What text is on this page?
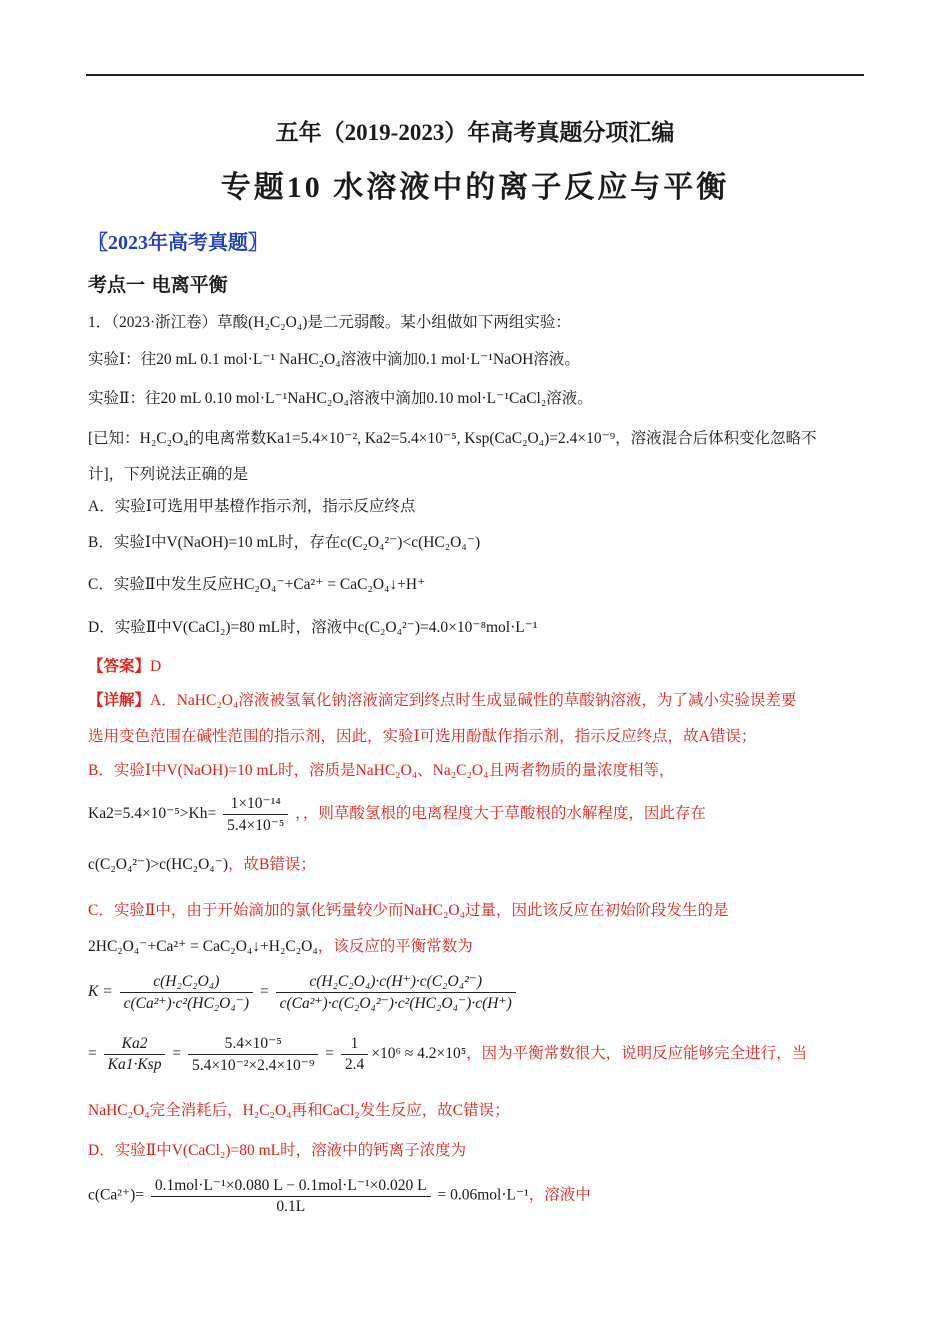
五年（2019-2023）年高考真题分项汇编
专题10 水溶液中的离子反应与平衡
〖2023年高考真题〗
考点一 电离平衡
1．（2023·浙江卷）草酸(H₂C₂O₄)是二元弱酸。某小组做如下两组实验：
实验Ⅰ：往20 mL 0.1 mol·L⁻¹ NaHC₂O₄溶液中滴加0.1 mol·L⁻¹NaOH溶液。
实验Ⅱ：往20 mL 0.10 mol·L⁻¹NaHC₂O₄溶液中滴加0.10 mol·L⁻¹CaCl₂溶液。
[已知：H₂C₂O₄的电离常数Ka1=5.4×10⁻², Ka2=5.4×10⁻⁵, Ksp(CaC₂O₄)=2.4×10⁻⁹，溶液混合后体积变化忽略不
计]，下列说法正确的是
A．实验Ⅰ可选用甲基橙作指示剂，指示反应终点
B．实验Ⅰ中V(NaOH)=10 mL时，存在c(C₂O₄²⁻)<c(HC₂O₄⁻)
C．实验Ⅱ中发生反应HC₂O₄⁻+Ca²⁺ = CaC₂O₄↓+H⁺
D．实验Ⅱ中V(CaCl₂)=80 mL时，溶液中c(C₂O₄²⁻)=4.0×10⁻⁸mol·L⁻¹
【答案】D
【详解】A．NaHC₂O₄溶液被氢氧化钠溶液滴定到终点时生成显碱性的草酸钠溶液，为了减小实验误差要
选用变色范围在碱性范围的指示剂，因此，实验Ⅰ可选用酚酞作指示剂，指示反应终点，故A错误；
B．实验Ⅰ中V(NaOH)=10 mL时，溶质是NaHC₂O₄、Na₂C₂O₄且两者物质的量浓度相等，
$Ka2=5.4\times 10^{-5}>Kh= \frac{\text{1×10⁻¹⁴}}{\text{5.4×10⁻⁵}}$ ，，则草酸氢根的电离程度大于草酸根的水解程度，因此存在
c(C₂O₄²⁻)>c(HC₂O₄⁻)，故B错误；
C．实验Ⅱ中，由于开始滴加的氯化钙量较少而NaHC₂O₄过量，因此该反应在初始阶段发生的是
2HC₂O₄⁻+Ca²⁺ = CaC₂O₄↓+H₂C₂O₄，该反应的平衡常数为
$K = \frac{\text{c(H₂C₂O₄)}}{\text{c(Ca²⁺)·c²(HC₂O₄⁻)}} = \frac{\text{c(H₂C₂O₄)·c(H⁺)·c(C₂O₄²⁻)}}{\text{c(Ca²⁺)·c(C₂O₄²⁻)·c²(HC₂O₄⁻)·c(H⁺)}}$
= $\frac{Ka2}{\text{Ka1·Ksp}} = \frac{\text{5.4×10⁻⁵}}{\text{5.4×10⁻²×2.4×10⁻⁹}} = \frac{1}{2.4} \times 10^6 \approx 4.2\times 10^5$，因为平衡常数很大，说明反应能够完全进行，当
NaHC₂O₄完全消耗后，H₂C₂O₄再和CaCl₂发生反应，故C错误；
D．实验Ⅱ中V(CaCl₂)=80 mL时，溶液中的钙离子浓度为
$c(Ca^{2+})= \frac{\text{0.1mol·L⁻¹×0.080 L − 0.1mol·L⁻¹×0.020 L}}{0.1L} = 0.06mol\cdot L^{-1}$，溶液中
